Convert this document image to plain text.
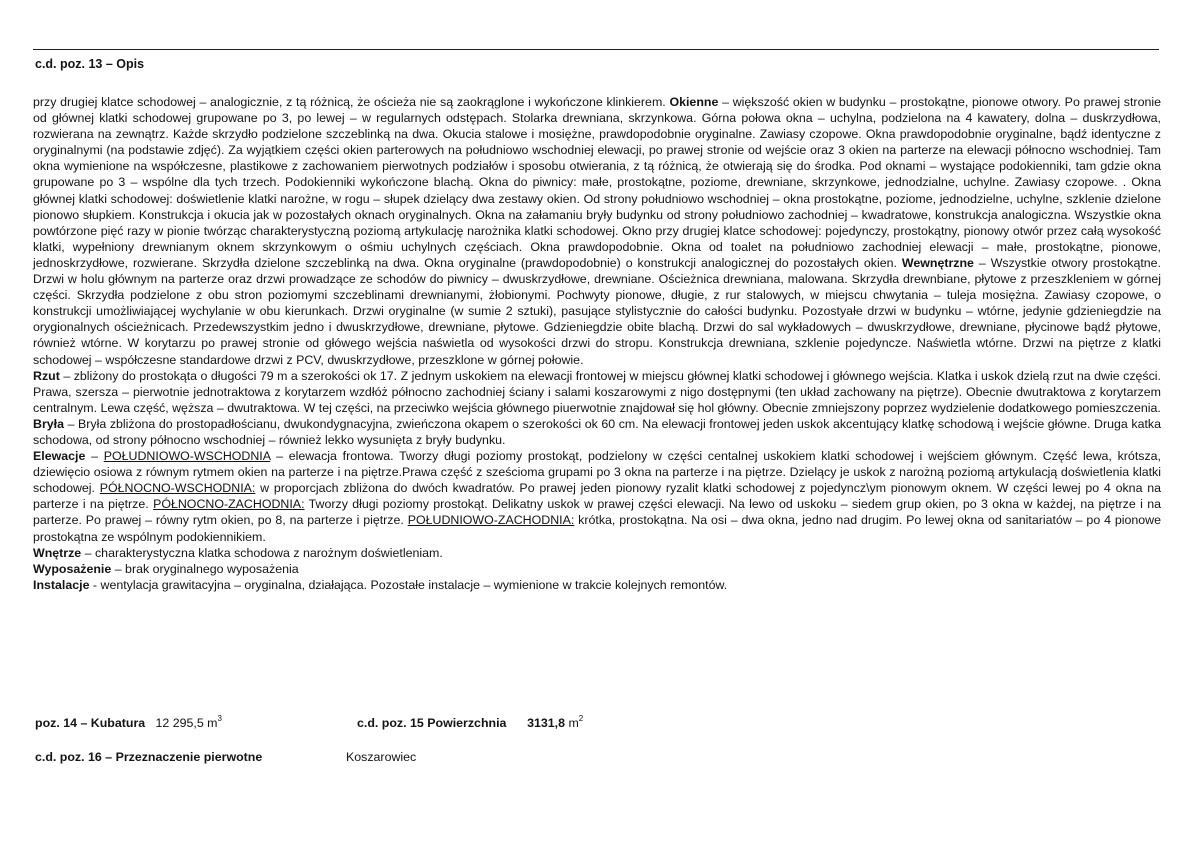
c.d. poz. 13 – Opis

przy drugiej klatce schodowej – analogicznie, z tą różnicą, że ościeża nie są zaokrąglone i wykończone klinkierem. Okienne – większość okien w budynku – prostokątne, pionowe otwory. Po prawej stronie od głównej klatki schodowej grupowane po 3, po lewej – w regularnych odstępach. Stolarka drewniana, skrzynkowa. Górna połowa okna – uchylna, podzielona na 4 kawatery, dolna – duskrzydłowa, rozwierana na zewnątrz. Każde skrzydło podzielone szczeblinką na dwa. Okucia stalowe i mosiężne, prawdopodobnie oryginalne. Zawiasy czopowe. Okna prawdopodobnie oryginalne, bądź identyczne z oryginalnymi (na podstawie zdjęć). Za wyjątkiem części okien parterowych na południowo wschodniej elewacji, po prawej stronie od wejście oraz 3 okien na parterze na elewacji północno wschodniej. Tam okna wymienione na współczesne, plastikowe z zachowaniem pierwotnych podziałów i sposobu otwierania, z tą różnicą, że otwierają się do środka. Pod oknami – wystające podokienniki, tam gdzie okna grupowane po 3 – wspólne dla tych trzech. Podokienniki wykończone blachą. Okna do piwnicy: małe, prostokątne, poziome, drewniane, skrzynkowe, jednodzialne, uchylne. Zawiasy czopowe. . Okna głównej klatki schodowej: doświetlenie klatki narożne, w rogu – słupek dzielący dwa zestawy okien. Od strony południowo wschodniej – okna prostokątne, poziome, jednodzielne, uchylne, szklenie dzielone pionowo słupkiem. Konstrukcja i okucia jak w pozostałych oknach oryginalnych. Okna na załamaniu bryły budynku od strony południowo zachodniej – kwadratowe, konstrukcja analogiczna. Wszystkie okna powtórzone pięć razy w pionie twórząc charakterystyczną poziomą artykulację narożnika klatki schodowej. Okno przy drugiej klatce schodowej: pojedynczy, prostokątny, pionowy otwór przez całą wysokość klatki, wypełniony drewnianym oknem skrzynkowym o ośmiu uchylnych częściach. Okna prawdopodobnie. Okna od toalet na południowo zachodniej elewacji – małe, prostokątne, pionowe, jednoskrzydłowe, rozwierane. Skrzydła dzielone szczeblinką na dwa. Okna oryginalne (prawdopodobnie) o konstrukcji analogicznej do pozostałych okien. Wewnętrzne – Wszystkie otwory prostokątne. Drzwi w holu głównym na parterze oraz drzwi prowadzące ze schodów do piwnicy – dwuskrzydłowe, drewniane. Ościeżnica drewniana, malowana. Skrzydła drewnbiane, płytowe z przeszkleniem w górnej części. Skrzydła podzielone z obu stron poziomymi szczeblinami drewnianymi, żłobionymi. Pochwyty pionowe, długie, z rur stalowych, w miejscu chwytania – tuleja mosiężna. Zawiasy czopowe, o konstrukcji umożliwiającej wychylanie w obu kierunkach. Drzwi oryginalne (w sumie 2 sztuki), pasujące stylistycznie do całości budynku. Pozostyałe drzwi w budynku – wtórne, jedynie gdzieniegdzie na orygionalnych ościeżnicach. Przedewszystkim jedno i dwuskrzydłowe, drewniane, płytowe. Gdzieniegdzie obite blachą. Drzwi do sal wykładowych – dwuskrzydłowe, drewniane, płycinowe bądź płytowe, również wtórne. W korytarzu po prawej stronie od główego wejścia naświetla od wysokości drzwi do stropu. Konstrukcja drewniana, szklenie pojedyncze. Naświetla wtórne. Drzwi na piętrze z klatki schodowej – współczesne standardowe drzwi z PCV, dwuskrzydłowe, przeszklone w górnej połowie.

Rzut – zbliżony do prostokąta o długości 79 m a szerokości ok 17. Z jednym uskokiem na elewacji frontowej w miejscu głównej klatki schodowej i głównego wejścia. Klatka i uskok dzielą rzut na dwie części. Prawa, szersza – pierwotnie jednotraktowa z korytarzem wzdłóż północno zachodniej ściany i salami koszarowymi z nigo dostępnymi (ten układ zachowany na piętrze). Obecnie dwutraktowa z korytarzem centralnym. Lewa część, węższa – dwutraktowa. W tej części, na przeciwko wejścia głównego piuerwotnie znajdował się hol główny. Obecnie zmniejszony poprzez wydzielenie dodatkowego pomieszczenia.

Bryła – Bryła zbliżona do prostopadłościanu, dwukondygnacyjna, zwieńczona okapem o szerokości ok 60 cm. Na elewacji frontowej jeden uskok akcentujący klatkę schodową i wejście główne. Druga katka schodowa, od strony północno wschodniej – również lekko wysunięta z bryły budynku.

Elewacje – POŁUDNIOWO-WSCHODNIA – elewacja frontowa. Tworzy długi poziomy prostokąt, podzielony w części centalnej uskokiem klatki schodowej i wejściem głównym. Część lewa, krótsza, dziewięcio osiowa z równym rytmem okien na parterze i na piętrze.Prawa część z sześciomа grupami po 3 okna na parterze i na piętrze. Dzielący je uskok z narożną poziomą artykulacją doświetlenia klatki schodowej. PÓŁNOCNO-WSCHODNIA: w proporcjach zbliżona do dwóch kwadratów. Po prawej jeden pionowy ryzalit klatki schodowej z pojedyncz\ym pionowym oknem. W części lewej po 4 okna na parterze i na piętrze. PÓŁNOCNO-ZACHODNIA: Tworzy długi poziomy prostokąt. Delikatny uskok w prawej części elewacji. Na lewo od uskoku – siedem grup okien, po 3 okna w każdej, na piętrze i na parterze. Po prawej – równy rytm okien, po 8, na parterze i piętrze. POŁUDNIOWO-ZACHODNIA: krótka, prostokątna. Na osi – dwa okna, jedno nad drugim. Po lewej okna od sanitariatów – po 4 pionowe prostokątna ze wspólnym podokiennikiem.

Wnętrze – charakterystyczna klatka schodowa z narożnym doświetleniam.

Wyposażenie – brak oryginalnego wyposażenia

Instalacje - wentylacja grawitacyjna – oryginalna, działająca. Pozostałe instalacje – wymienione w trakcie kolejnych remontów.

poz. 14 – Kubatura 12 295,5 $m^3$	c.d. poz. 15 Powierzchnia 3131,8 $m^2$
c.d. poz. 16 – Przeznaczenie pierwotne	Koszarowiec
